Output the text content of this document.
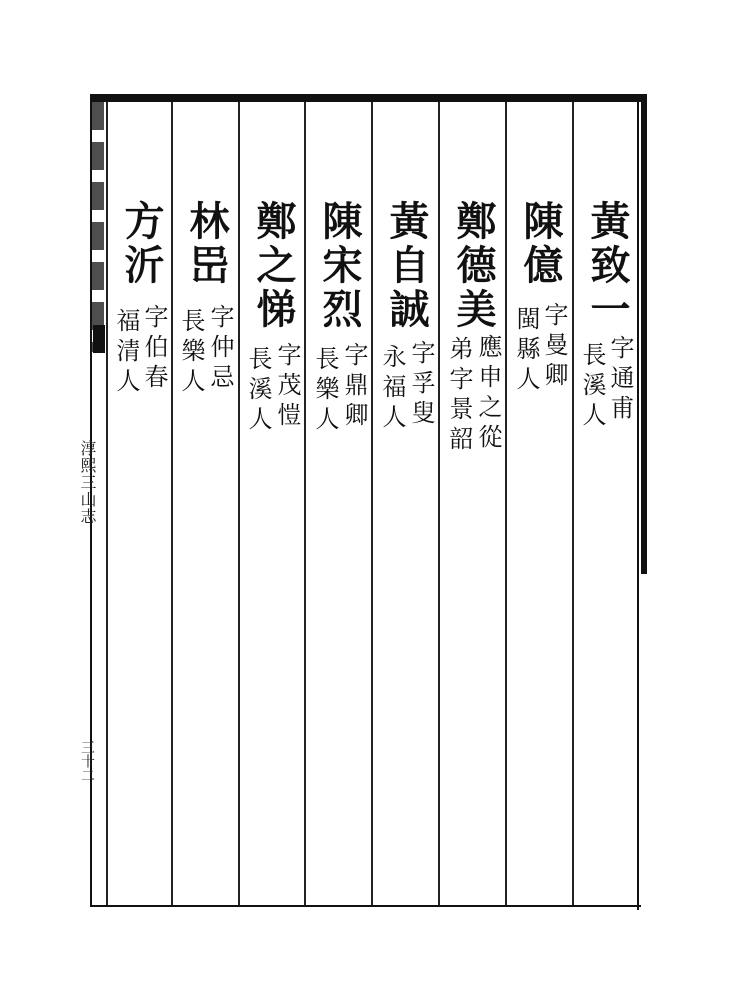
淳熙三山志
三十二
黃致一
字通甫
長溪人
陳億
字曼卿
閩縣人
鄭德美
應申之從
弟字景韶
黃自誠
字孚叟
永福人
陳宋烈
字鼎卿
長樂人
鄭之悌
字茂愷
長溪人
林岊
字仲忌
長樂人
方沂
字伯春
福清人
